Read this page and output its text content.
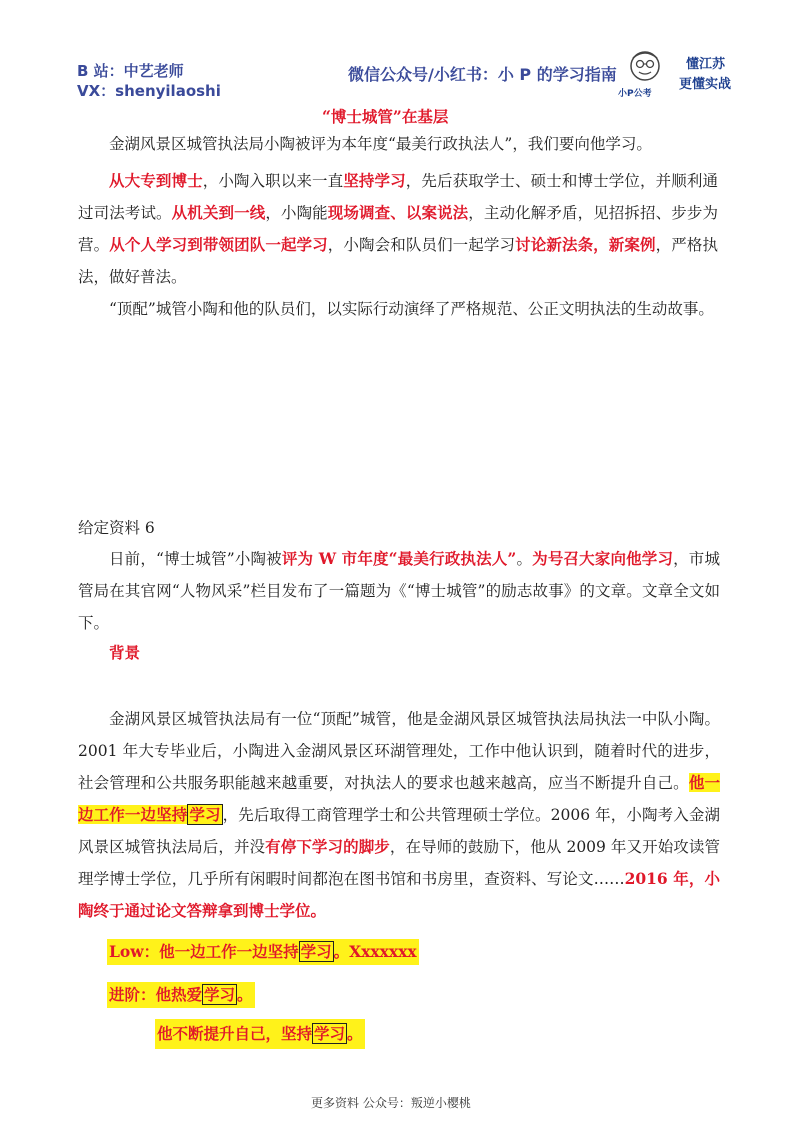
B 站：中艺老师
VX：shenyilaoshi
微信公众号/小红书：小 P 的学习指南
小P公考
懂江苏
更懂实战
“博士城管”在基层
金湖风景区城管执法局小陶被评为本年度“最美行政执法人”，我们要向他学习。
从大专到博士，小陶入职以来一直坚持学习，先后获取学士、硕士和博士学位，并顺利通过司法考试。从机关到一线，小陶能现场调查、以案说法，主动化解矛盾，见招拆招、步步为营。从个人学习到带领团队一起学习，小陶会和队员们一起学习讨论新法条，新案例，严格执法，做好普法。
“顶配”城管小陶和他的队员们，以实际行动演绎了严格规范、公正文明执法的生动故事。
给定资料 6
日前，“博士城管”小陶被评为 W 市年度“最美行政执法人”。为号召大家向他学习，市城管局在其官网“人物风采”栏目发布了一篇题为《“博士城管”的励志故事》的文章。文章全文如下。
背景
金湖风景区城管执法局有一位“顶配”城管，他是金湖风景区城管执法局执法一中队小陶。2001 年大专毕业后，小陶进入金湖风景区环湖管理处，工作中他认识到，随着时代的进步，社会管理和公共服务职能越来越重要，对执法人的要求也越来越高，应当不断提升自己。他一边工作一边坚持 学习 ，先后取得工商管理学士和公共管理硕士学位。2006 年，小陶考入金湖风景区城管执法局后，并没有停下学习的脚步，在导师的鼓励下，他从 2009 年又开始攻读管理学博士学位，几乎所有闲暇时间都泡在图书馆和书房里，查资料、写论文……2016 年，小陶终于通过论文答辩拿到博士学位。
Low：他一边工作一边坚持 学习 。Xxxxxxx
进阶：他热爱 学习 。
他不断提升自己，坚持 学习 。
更多资料 公众号：叛逆小樱桃
